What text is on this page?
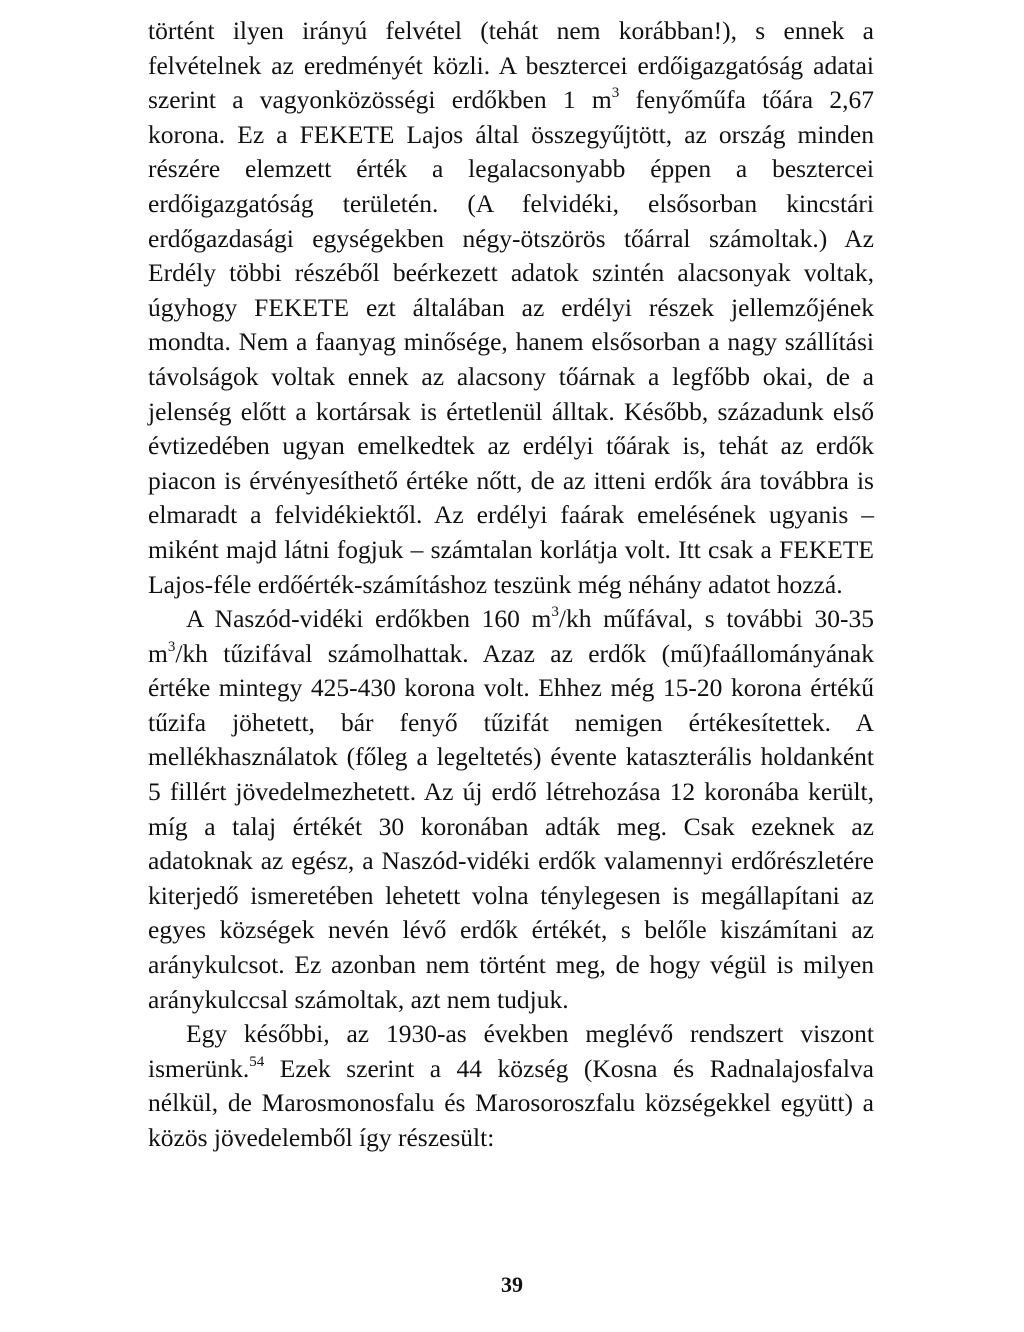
történt ilyen irányú felvétel (tehát nem korábban!), s ennek a felvételnek az eredményét közli. A besztercei erdőigazgatóság adatai szerint a vagyonközösségi erdőkben 1 $m^3$ fenyőműfa tőára 2,67 korona. Ez a FEKETE Lajos által összegyűjtött, az ország minden részére elemzett érték a legalacsonyabb éppen a besztercei erdőigazgatóság területén. (A felvidéki, elsősorban kincstári erdőgazdasági egységekben négy-ötszörös tőárral számoltak.) Az Erdély többi részéből beérkezett adatok szintén alacsonyak voltak, úgyhogy FEKETE ezt általában az erdélyi részek jellemzőjének mondta. Nem a faanyag minősége, hanem elsősorban a nagy szállítási távolságok voltak ennek az alacsony tőárnak a legfőbb okai, de a jelenség előtt a kortársak is értetlenül álltak. Később, századunk első évtizedében ugyan emelkedtek az erdélyi tőárak is, tehát az erdők piacon is érvényesíthető értéke nőtt, de az itteni erdők ára továbbra is elmaradt a felvidékiektől. Az erdélyi faárak emelésének ugyanis – miként majd látni fogjuk – számtalan korlátja volt. Itt csak a FEKETE Lajos-féle erdőérték-számításhoz teszünk még néhány adatot hozzá.

A Naszód-vidéki erdőkben 160 $m^3/kh$ műfával, s további 30-35 $m^3/kh$ tűzifával számolhattak. Azaz az erdők (mű)faállományának értéke mintegy 425-430 korona volt. Ehhez még 15-20 korona értékű tűzifa jöhetett, bár fenyő tűzifát nemigen értékesítettek. A mellékhasználatok (főleg a legeltetés) évente kataszterális holdanként 5 fillért jövedelmezhetett. Az új erdő létrehozása 12 koronába került, míg a talaj értékét 30 koronában adták meg. Csak ezeknek az adatoknak az egész, a Naszód-vidéki erdők valamennyi erdőrészletére kiterjedő ismeretében lehetett volna ténylegesen is megállapítani az egyes községek nevén lévő erdők értékét, s belőle kiszámítani az aránykulcsot. Ez azonban nem történt meg, de hogy végül is milyen aránykulccsal számoltak, azt nem tudjuk.

Egy későbbi, az 1930-as években meglévő rendszert viszont ismerünk.$^{54}$ Ezek szerint a 44 község (Kosna és Radnalajosfalva nélkül, de Marosmonosfalu és Marosoroszfalu községekkel együtt) a közös jövedelemből így részesült:

39
